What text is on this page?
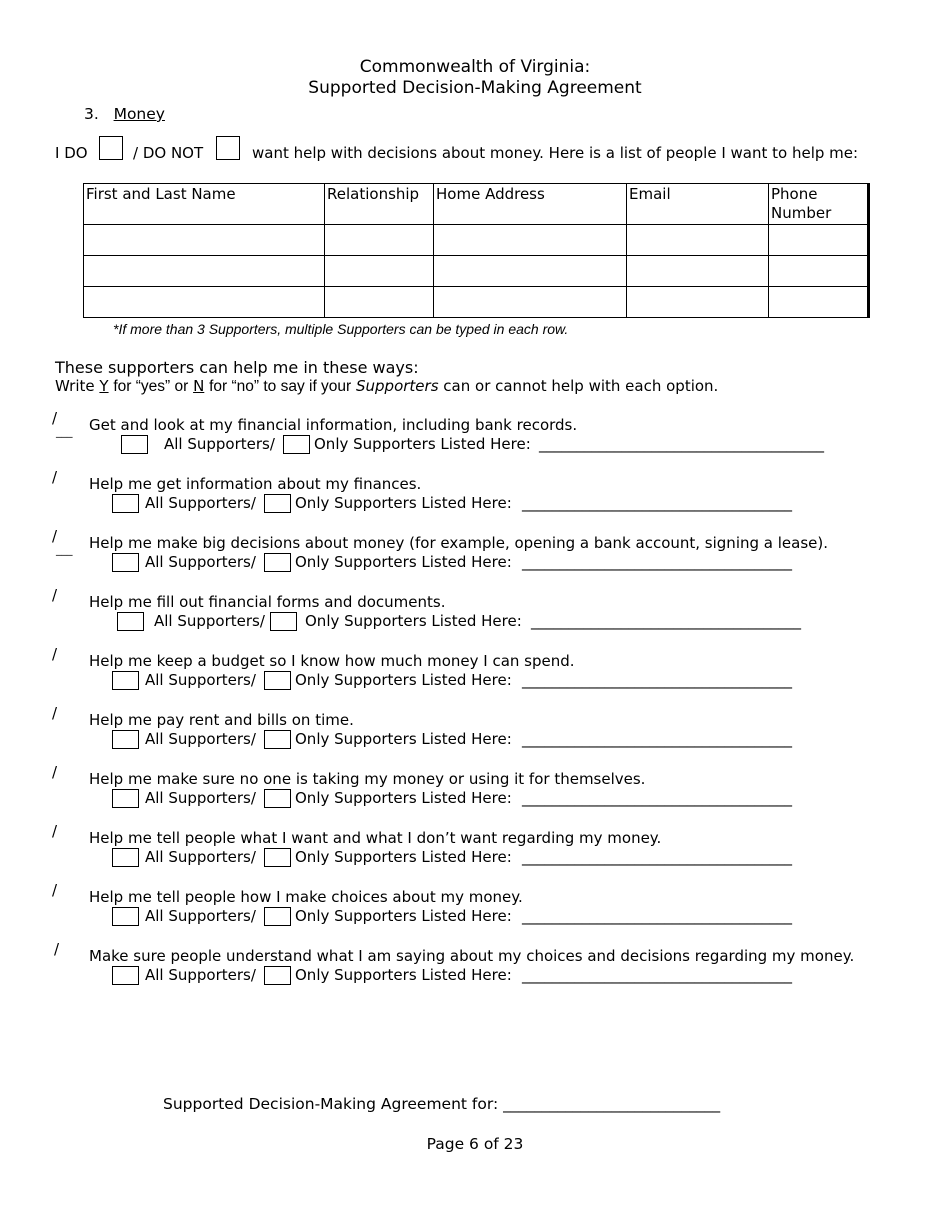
Commonwealth of Virginia:
Supported Decision-Making Agreement
3. Money
I DO	/ DO NOT	want help with decisions about money. Here is a list of people I want to help me:
First and Last Name	Relationship	Home Address	Email	Phone Number

*If more than 3 Supporters, multiple Supporters can be typed in each row.
These supporters can help me in these ways:
Write Y for “yes” or N for “no” to say if your Supporters can or cannot help with each option.
/
___ Get and look at my financial information, including bank records.
All Supporters/	Only Supporters Listed Here: ______________________________________
/ Help me get information about my finances.
All Supporters/	Only Supporters Listed Here: ____________________________________
/
___ Help me make big decisions about money (for example, opening a bank account, signing a lease).
All Supporters/	Only Supporters Listed Here: ____________________________________
/ Help me fill out financial forms and documents.
All Supporters/	Only Supporters Listed Here: ____________________________________
/ Help me keep a budget so I know how much money I can spend.
All Supporters/	Only Supporters Listed Here: ____________________________________
/ Help me pay rent and bills on time.
All Supporters/	Only Supporters Listed Here: ____________________________________
/ Help me make sure no one is taking my money or using it for themselves.
All Supporters/	Only Supporters Listed Here: ____________________________________
/ Help me tell people what I want and what I don’t want regarding my money.
All Supporters/	Only Supporters Listed Here: ____________________________________
/ Help me tell people how I make choices about my money.
All Supporters/	Only Supporters Listed Here: ____________________________________
/ Make sure people understand what I am saying about my choices and decisions regarding my money.
All Supporters/	Only Supporters Listed Here: ____________________________________
Supported Decision-Making Agreement for: ____________________________
Page 6 of 23
